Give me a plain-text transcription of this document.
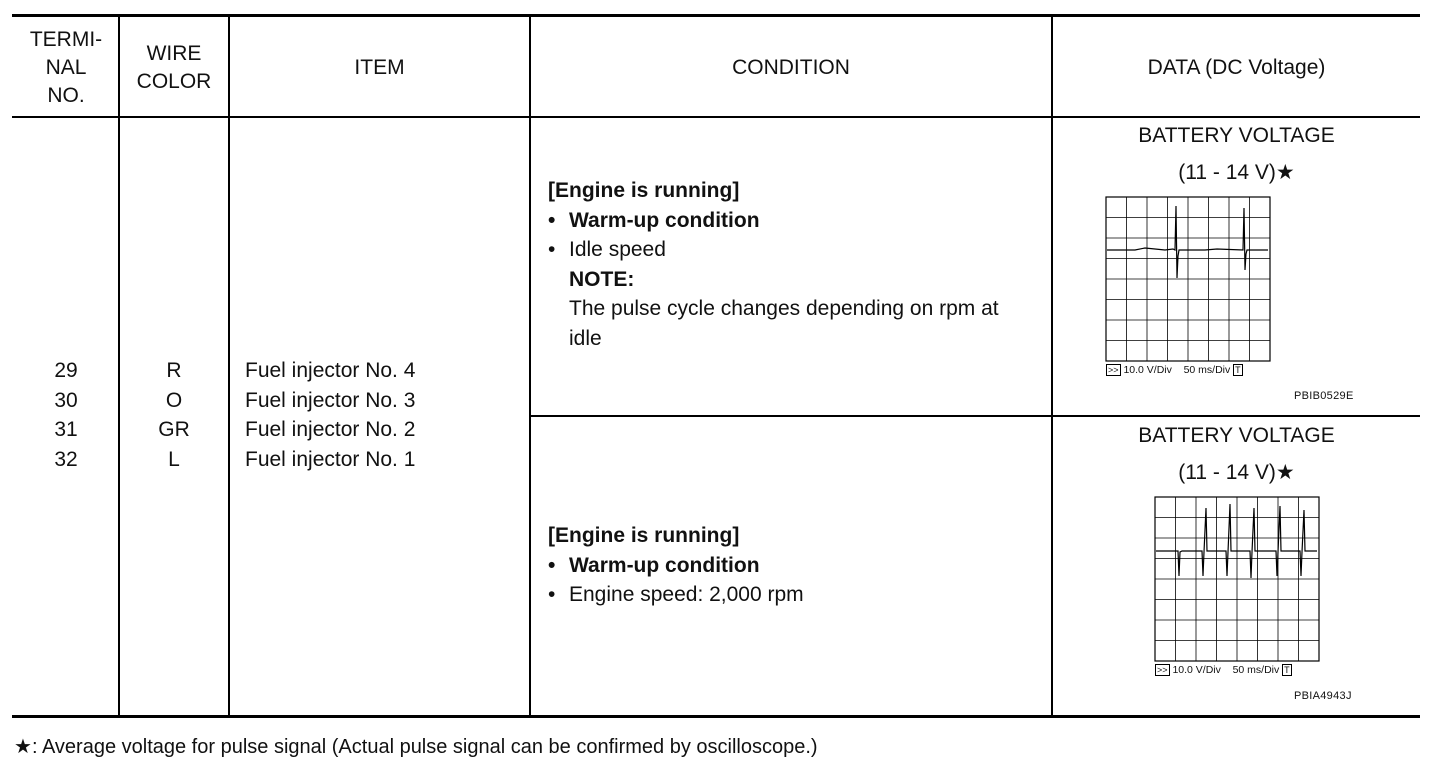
TERMI-
NAL
NO.
WIRE
COLOR
ITEM	CONDITION	DATA (DC Voltage)
29
30
31
32
R
O
GR
L
Fuel injector No. 4
Fuel injector No. 3
Fuel injector No. 2
Fuel injector No. 1
[Engine is running]
• Warm-up condition
• Idle speed
NOTE:
The pulse cycle changes depending on rpm at
idle
[Engine is running]
• Warm-up condition
• Engine speed: 2,000 rpm
BATTERY VOLTAGE
(11 - 14 V)★
>> 10.0 V/Div 50 ms/Div T
PBIB0529E
BATTERY VOLTAGE
(11 - 14 V)★
>> 10.0 V/Div 50 ms/Div T
PBIA4943J
★: Average voltage for pulse signal (Actual pulse signal can be confirmed by oscilloscope.)
